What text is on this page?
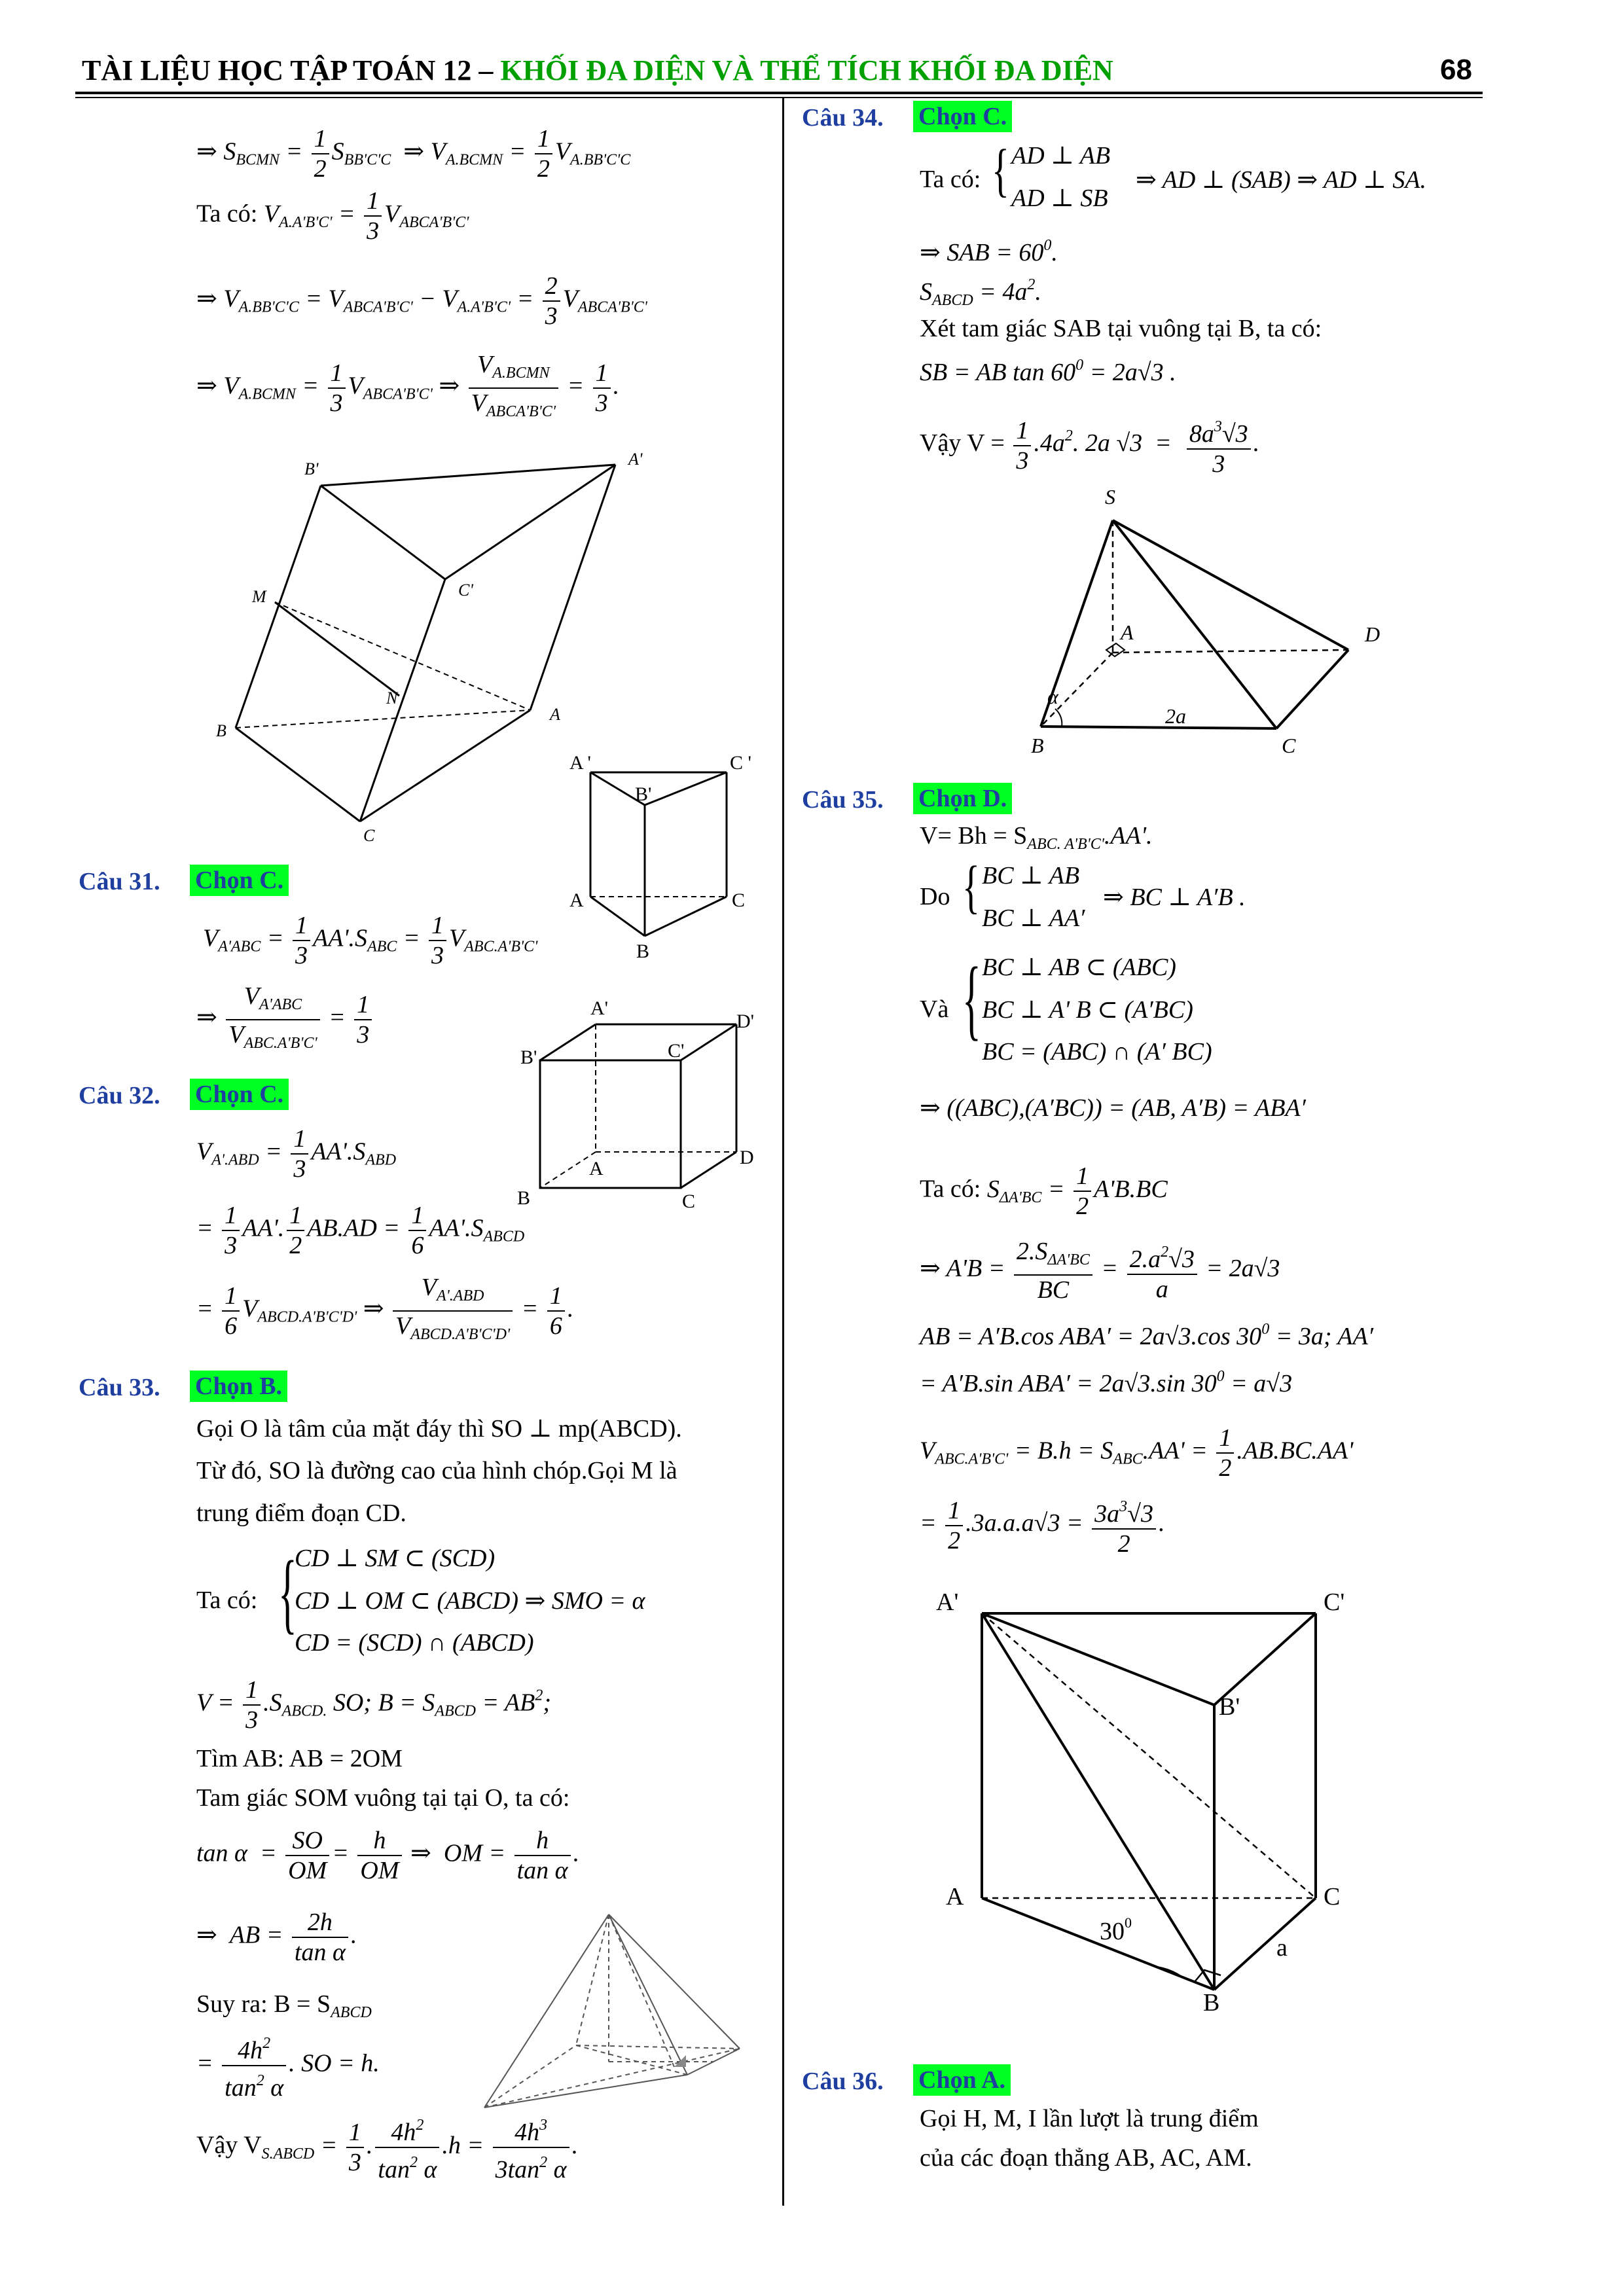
TÀI LIỆU HỌC TẬP TOÁN 12 – KHỐI ĐA DIỆN VÀ THỂ TÍCH KHỐI ĐA DIỆN	68
⇒ $S_{BCMN} = \frac{1}{2} S_{BB'C'C}$  ⇒ $V_{A.BCMN} = \frac{1}{2} V_{A.BB'C'C}$
Ta có: $V_{A.A'B'C'} = \frac{1}{3} V_{ABCA'B'C'}$
⇒ $V_{A.BB'C'C} = V_{ABCA'B'C'} - V_{A.A'B'C'} = \frac{2}{3} V_{ABCA'B'C'}$
⇒ $V_{A.BCMN} = \frac{1}{3} V_{ABCA'B'C'}$ ⇒ $\frac{V_{A.BCMN}}{V_{ABCA'B'C'}} = \frac{1}{3}$ .
B'
A'
M	C'
N
A
B
C
A '	C '
B'
A	C
B
Câu 31. Chọn C.
$V_{A'ABC} = \frac{1}{3} AA'.S_{ABC} = \frac{1}{3} V_{ABC.A'B'C'}$
⇒ $\frac{V_{A'ABC}}{V_{ABC.A'B'C'}} = \frac{1}{3}$	A'
D'
B'	C'
A
D
B	C
Câu 32. Chọn C.
$V_{A'.ABD} = \frac{1}{3} AA'.S_{ABD}$
= $\frac{1}{3} AA'$. $\frac{1}{2} AB.AD = \frac{1}{6} AA'.S_{ABCD}$
= $\frac{1}{6} V_{ABCD.A'B'C'D'}$ ⇒ $\frac{V_{A'.ABD}}{V_{ABCD.A'B'C'D'}} = \frac{1}{6}$ .
Câu 33. Chọn B.
Gọi O là tâm của mặt đáy thì SO ⊥ mp(ABCD).
Từ đó, SO là đường cao của hình chóp.Gọi M là
trung điểm đoạn CD.
Ta có: {
CD ⊥ SM ⊂ (SCD)
CD ⊥ OM ⊂ (ABCD) ⇒ SMO = α
CD = (SCD) ∩ (ABCD)
$V = \frac{1}{3} .S_{ABCD.}$ SO; $B = S_{ABCD} = AB^2$;
Tìm AB: AB = 2OM
Tam giác SOM vuông tại tại O, ta có:
$\tan \alpha = \frac{SO}{OM} = \frac{h}{OM}$ ⇒  OM = $\frac{h}{\text{tan α}}$ .
⇒  AB = $\frac{2h}{\text{tan α}}$ .
Suy ra: $B = S_{ABCD}$
= $\frac{4h^2}{\tan^2 \alpha}$ . SO = h.
Vậy $V_{S.ABCD} = \frac{1}{3}$ . $\frac{4h^2}{\tan^2 \alpha} .h = \frac{4h^3}{3\tan^2 \alpha}$ .
Câu 34. Chọn C.
Ta có: { AD ⊥ AB
AD ⊥ SB
⇒ AD ⊥ (SAB) ⇒ AD ⊥ SA.
⇒ SAB = $60^0$.
$S_{ABCD} = 4a^2$.
Xét tam giác SAB tại vuông tại B, ta có:
SB = AB $\tan 60^0 = 2a√3$ .
Vậy $V = \frac{1}{3} .4a^2$. 2a $√3 = \frac{8a^3√3}{3}$ .
S
A	D
α
2a
B	C
Câu 35. Chọn D.
$V= Bh = S_{ABC. A'B'C'}.AA'$.
Do { BC ⊥ AB
BC ⊥ AA′
⇒ BC ⊥ A′B .
Và { BC ⊥ AB ⊂ (ABC)
BC ⊥ A' B ⊂ (A′BC)
BC = (ABC) ∩ (A′ BC)
⇒ ((ABC),(A′BC)) = (AB, A′B) = ABA′
Ta có: $S_{\Delta A'BC} = \frac{1}{2} A'B.BC$
⇒ $A'B = \frac{2.S_{\Delta A'BC}}{BC} = \frac{2.a^2√3}{a} = 2a√3$
AB = A′B.cos ABA′ = 2a√3.cos $30^0 = 3a$; AA′
= A′B.sin ABA′ = 2a√3.sin $30^0 = a√3$
$V_{ABC.A'B'C'} = B.h = S_{ABC}.AA' = \frac{1}{2} .AB.BC.AA'$
= $\frac{1}{2} .3a.a.a√3 = \frac{3a^3√3}{2}$ .
A'	C'
B'
A	C
$30^0$
a
B
Câu 36. Chọn A.
Gọi H, M, I lần lượt là trung điểm
của các đoạn thẳng AB, AC, AM.
